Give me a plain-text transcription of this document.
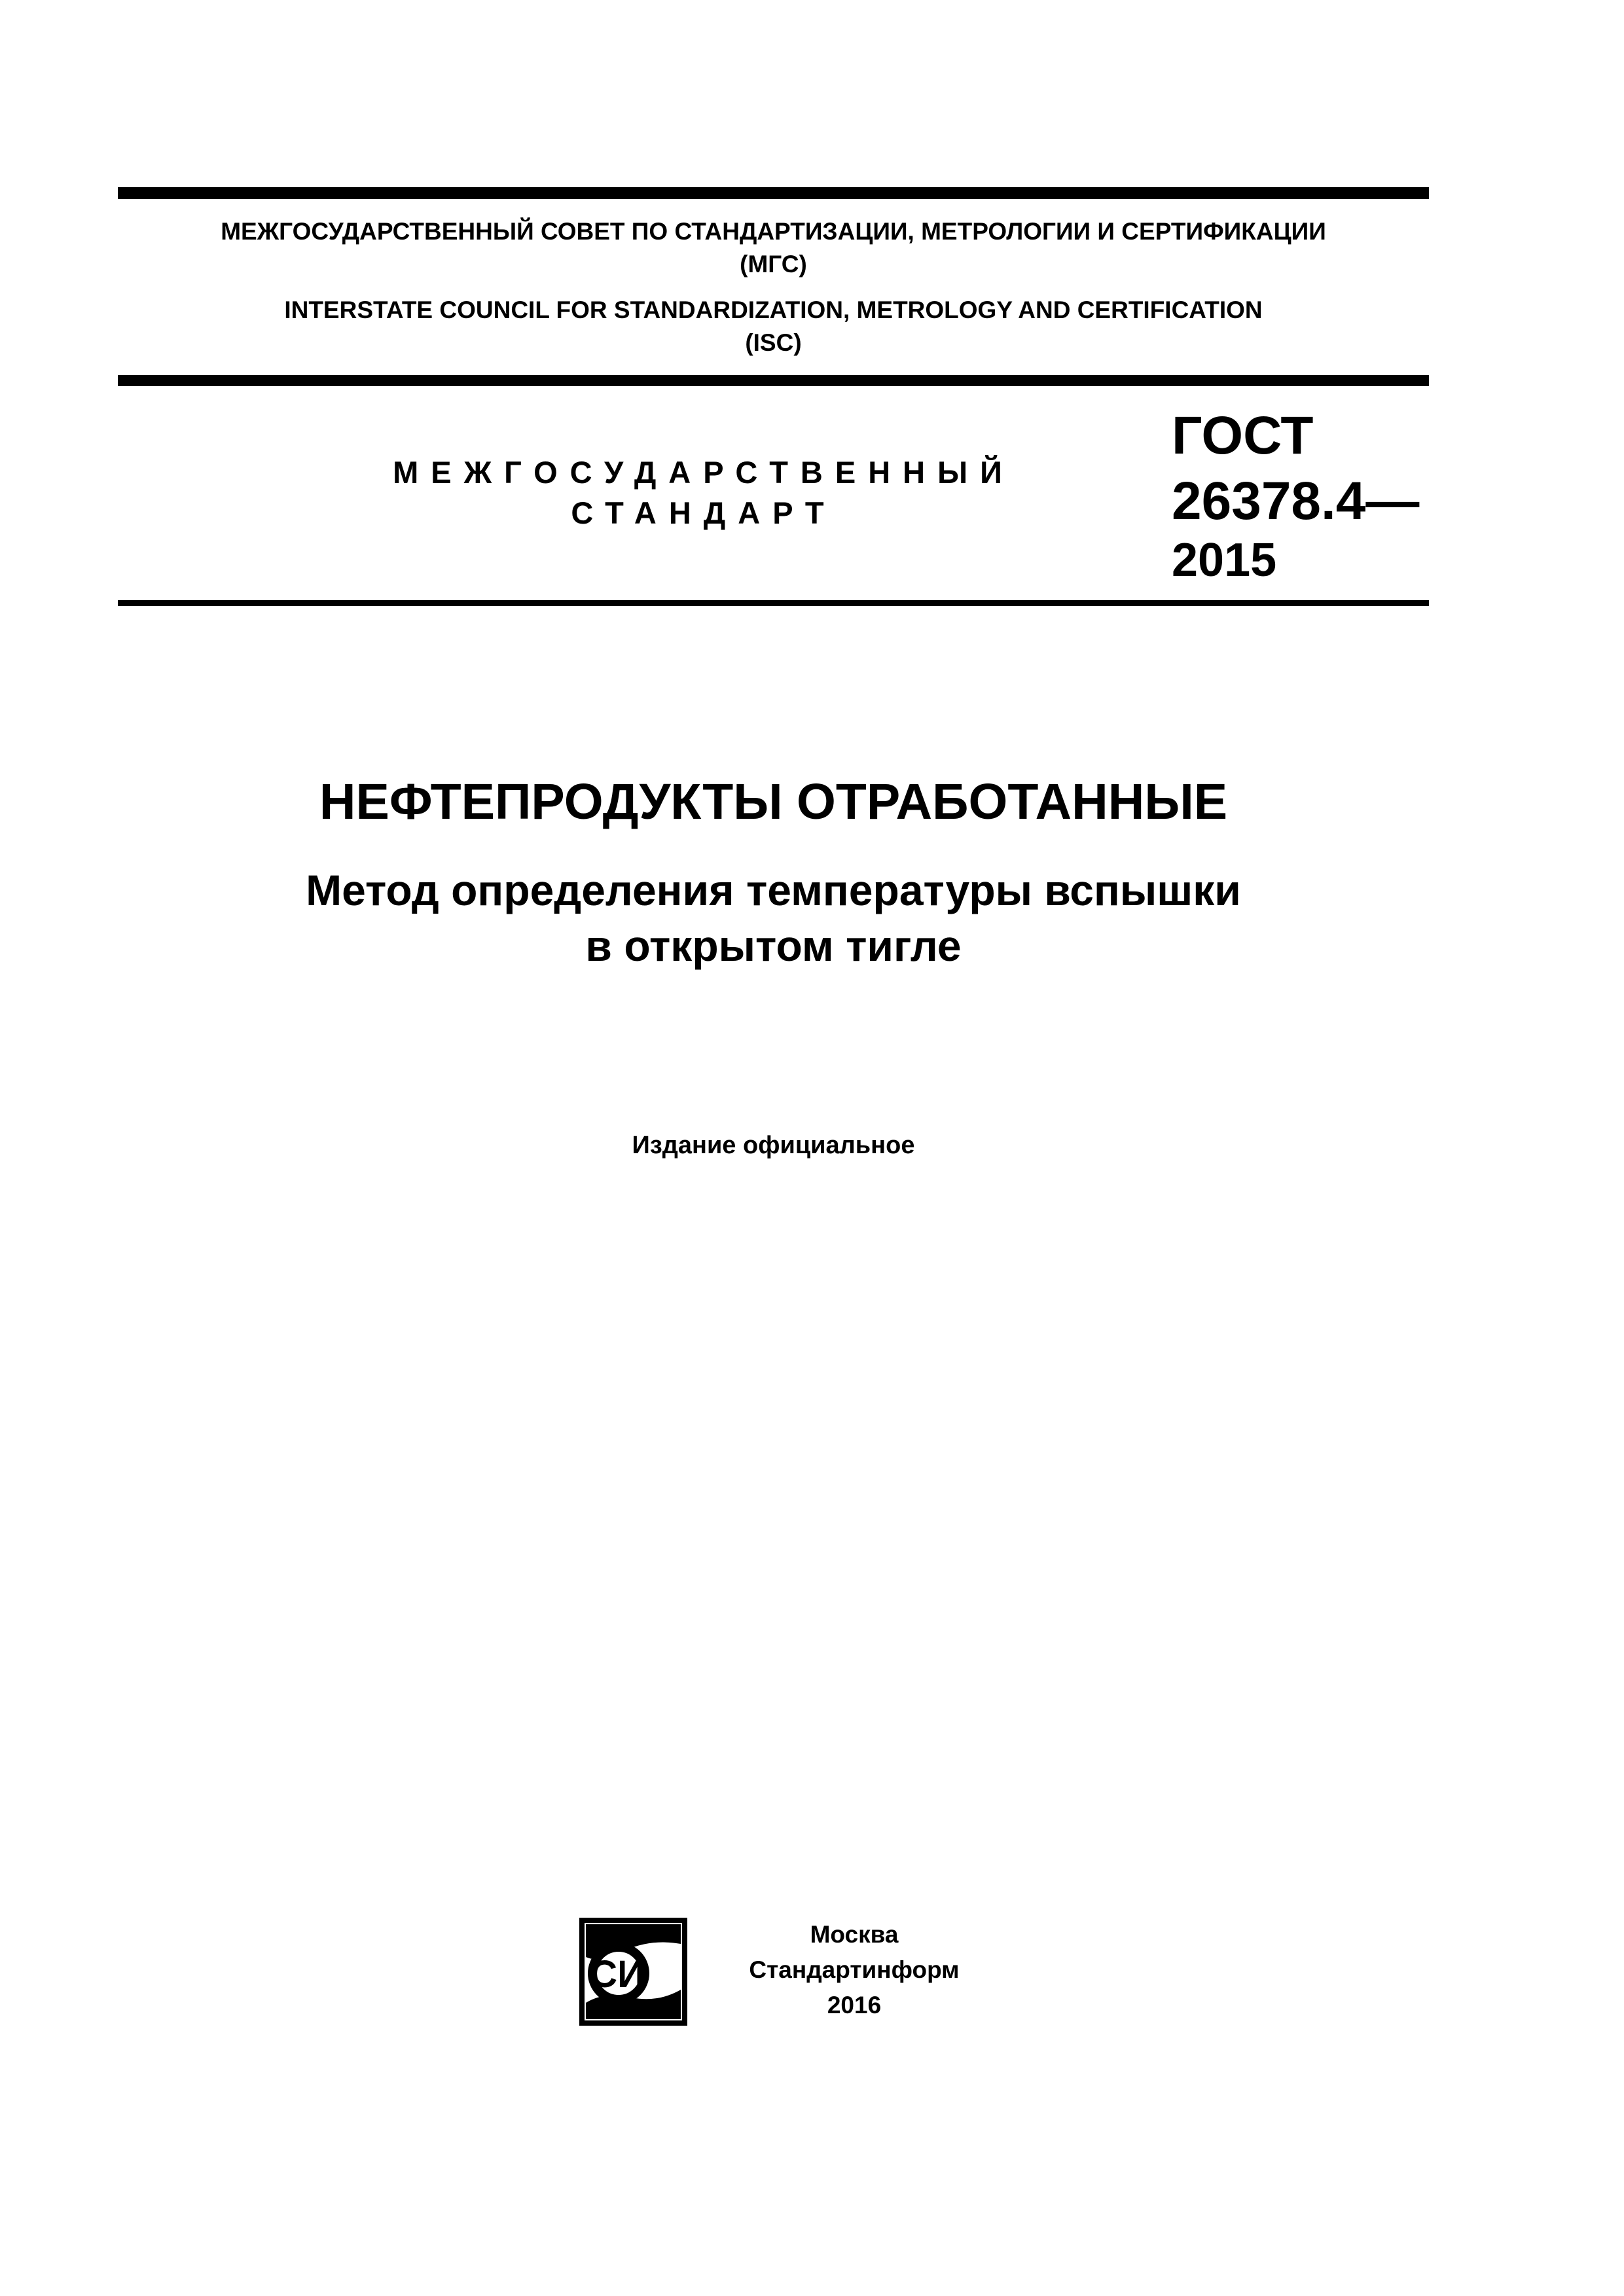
МЕЖГОСУДАРСТВЕННЫЙ СОВЕТ ПО СТАНДАРТИЗАЦИИ, МЕТРОЛОГИИ И СЕРТИФИКАЦИИ
(МГС)
INTERSTATE COUNCIL FOR STANDARDIZATION, METROLOGY AND CERTIFICATION
(ISC)
МЕЖГОСУДАРСТВЕННЫЙ
СТАНДАРТ
ГОСТ
26378.4—
2015
НЕФТЕПРОДУКТЫ ОТРАБОТАННЫЕ
Метод определения температуры вспышки
в открытом тигле
Издание официальное
СИ
Москва
Стандартинформ
2016
